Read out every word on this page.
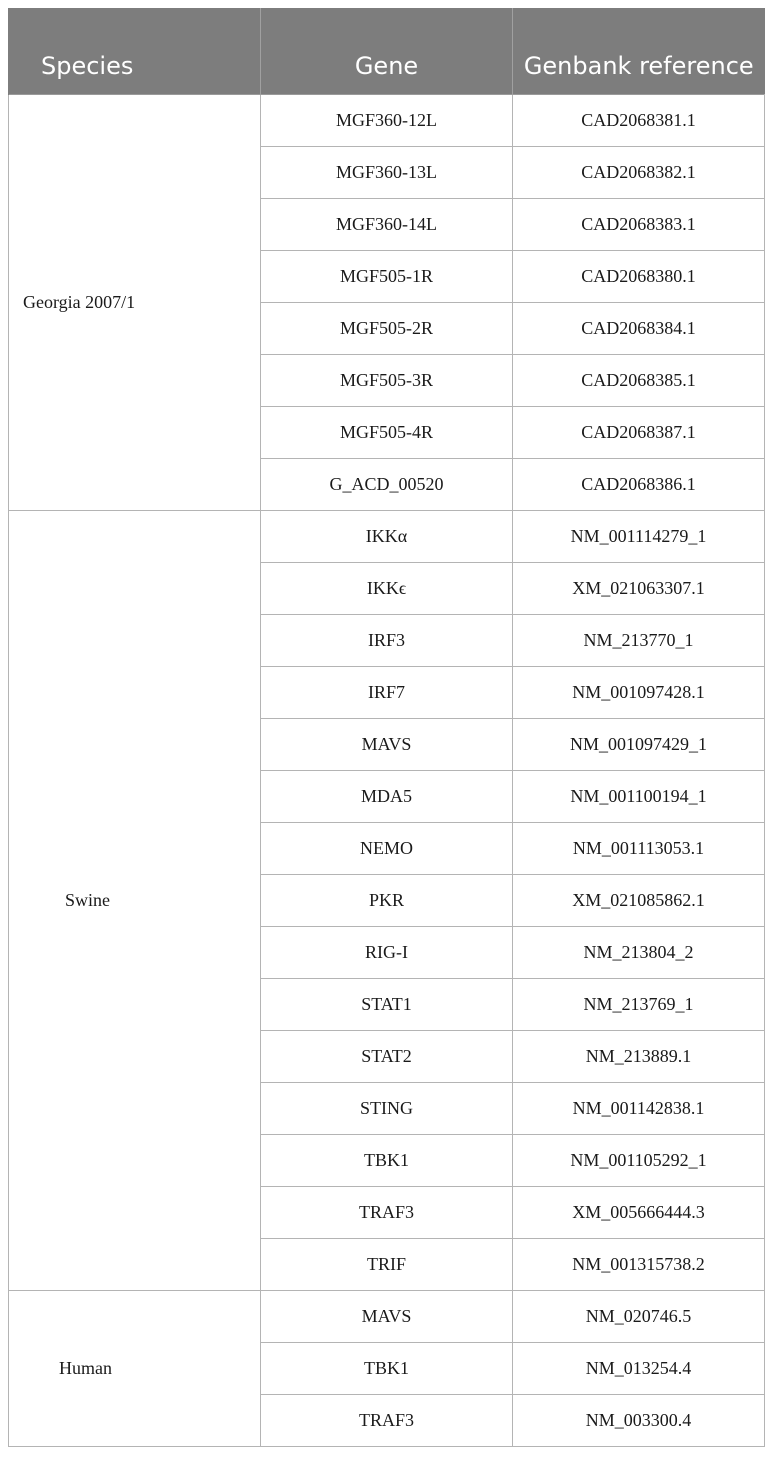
Species	Gene	Genbank reference
Georgia 2007/1	MGF360-12L	CAD2068381.1
	MGF360-13L	CAD2068382.1
	MGF360-14L	CAD2068383.1
	MGF505-1R	CAD2068380.1
	MGF505-2R	CAD2068384.1
	MGF505-3R	CAD2068385.1
	MGF505-4R	CAD2068387.1
	G_ACD_00520	CAD2068386.1
Swine	IKKα	NM_001114279_1
	IKKϵ	XM_021063307.1
	IRF3	NM_213770_1
	IRF7	NM_001097428.1
	MAVS	NM_001097429_1
	MDA5	NM_001100194_1
	NEMO	NM_001113053.1
	PKR	XM_021085862.1
	RIG-I	NM_213804_2
	STAT1	NM_213769_1
	STAT2	NM_213889.1
	STING	NM_001142838.1
	TBK1	NM_001105292_1
	TRAF3	XM_005666444.3
	TRIF	NM_001315738.2
Human	MAVS	NM_020746.5
	TBK1	NM_013254.4
	TRAF3	NM_003300.4
